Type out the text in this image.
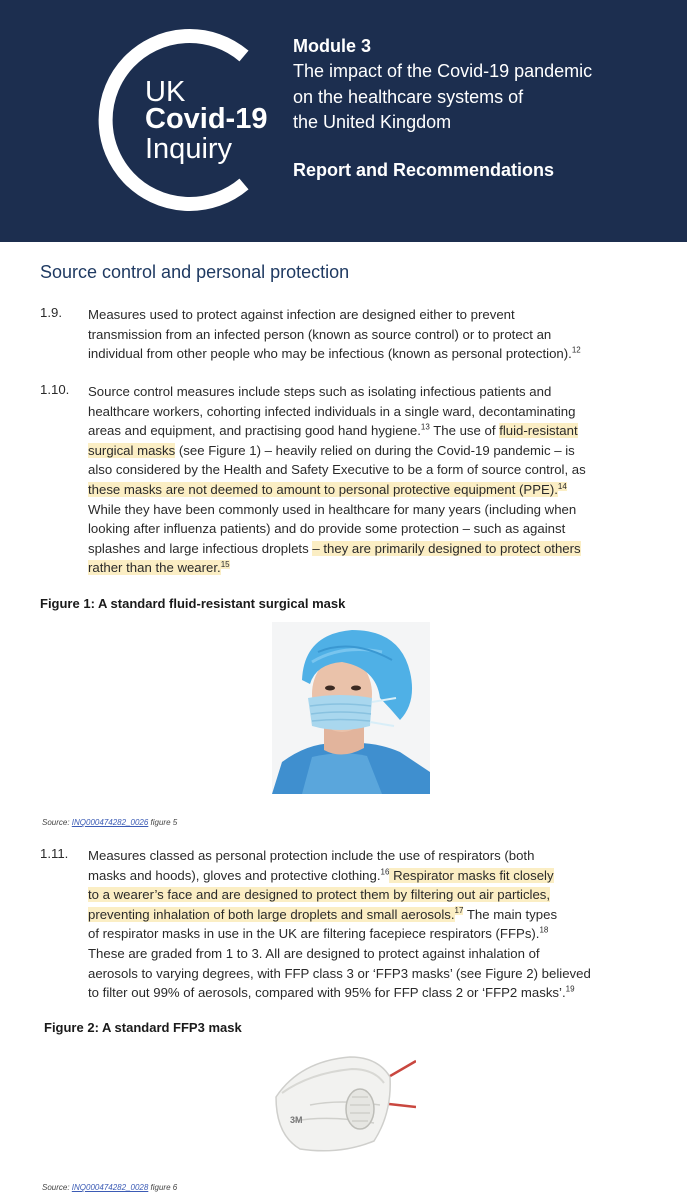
UK
Covid-19
Inquiry
Module 3
The impact of the Covid-19 pandemic
on the healthcare systems of
the United Kingdom
Report and Recommendations
Source control and personal protection
1.9. Measures used to protect against infection are designed either to prevent
transmission from an infected person (known as source control) or to protect an
individual from other people who may be infectious (known as personal protection).$^{12}$
1.10. Source control measures include steps such as isolating infectious patients and
healthcare workers, cohorting infected individuals in a single ward, decontaminating
areas and equipment, and practising good hand hygiene.$^{13}$ The use of fluid-resistant
surgical masks (see Figure 1) – heavily relied on during the Covid-19 pandemic – is
also considered by the Health and Safety Executive to be a form of source control, as
these masks are not deemed to amount to personal protective equipment (PPE).$^{14}$
While they have been commonly used in healthcare for many years (including when
looking after influenza patients) and do provide some protection – such as against
splashes and large infectious droplets – they are primarily designed to protect others
rather than the wearer.$^{15}$
Figure 1: A standard fluid-resistant surgical mask
Source: INQ000474282_0026 figure 5
1.11. Measures classed as personal protection include the use of respirators (both
masks and hoods), gloves and protective clothing.$^{16}$ Respirator masks fit closely
to a wearer’s face and are designed to protect them by filtering out air particles,
preventing inhalation of both large droplets and small aerosols.$^{17}$ The main types
of respirator masks in use in the UK are filtering facepiece respirators (FFPs).$^{18}$
These are graded from 1 to 3. All are designed to protect against inhalation of
aerosols to varying degrees, with FFP class 3 or ‘FFP3 masks’ (see Figure 2) believed
to filter out 99% of aerosols, compared with 95% for FFP class 2 or ‘FFP2 masks’.$^{19}$
Figure 2: A standard FFP3 mask
3M
Source: INQ000474282_0028 figure 6
